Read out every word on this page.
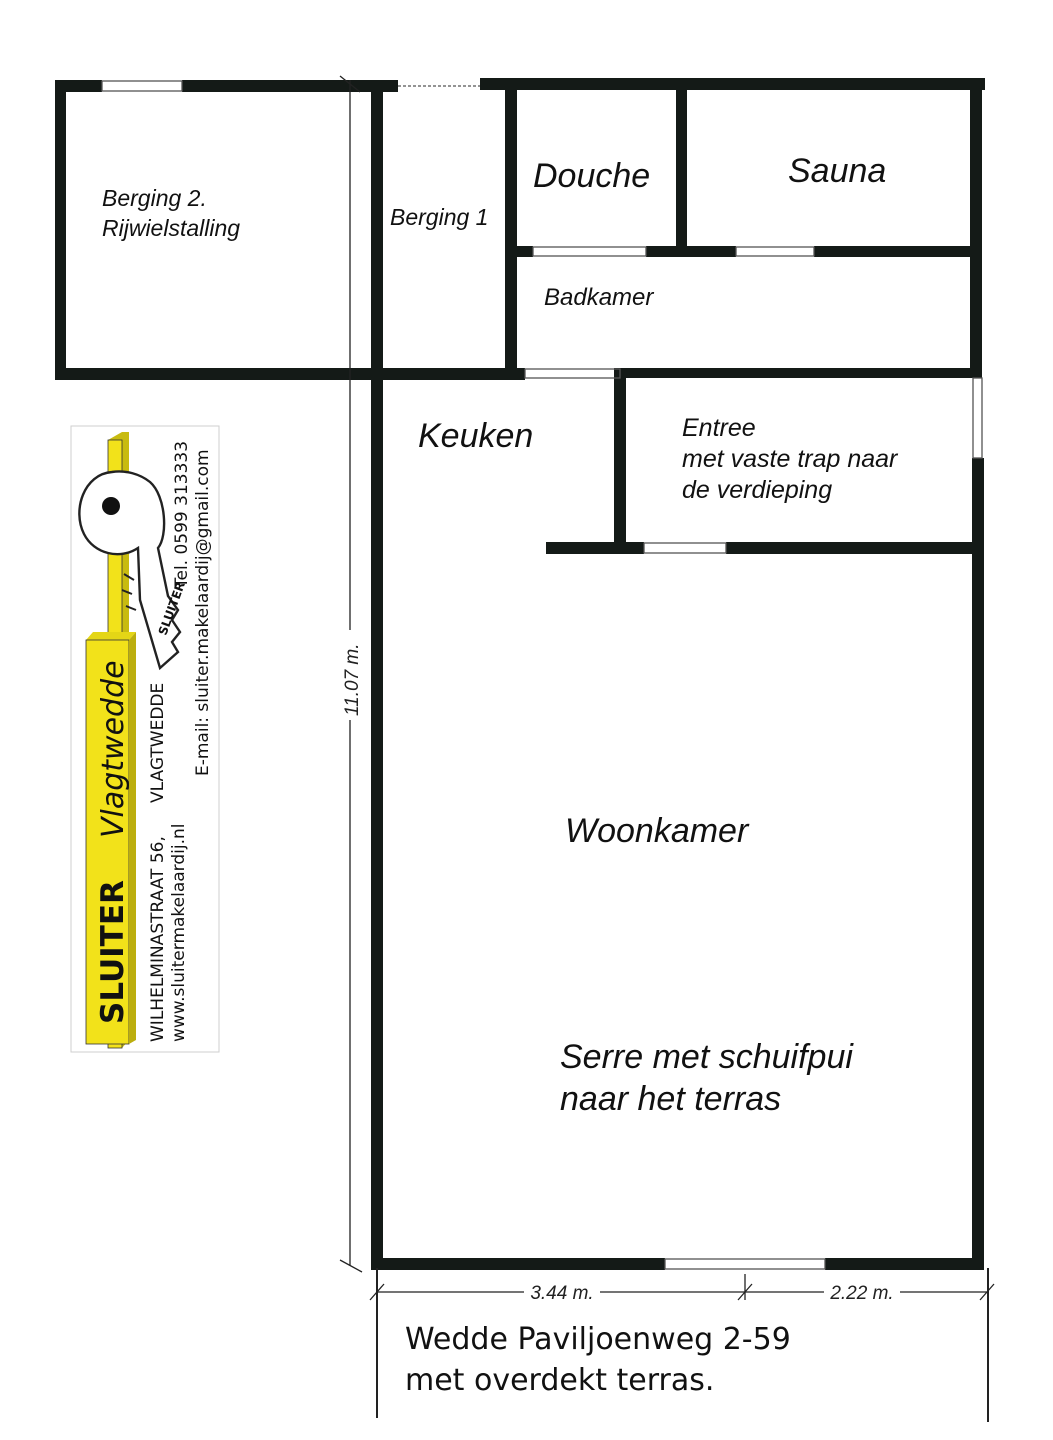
11.07 m.
3.44 m.	2.22 m.
Berging 2.
Rijwielstalling	Berging 1
Douche	Sauna
Badkamer
Keuken	Entree
met vaste trap naar
de verdieping
Woonkamer
Serre met schuifpui
naar het terras
Wedde Paviljoenweg 2-59
met overdekt terras.
SLUITER
SLUITER
Vlagtwedde
WILHELMINASTRAAT 56,
VLAGTWEDDE
www.sluitermakelaardij.nl
Tel. 0599 313333 E-mail: sluiter.makelaardij@gmail.com
